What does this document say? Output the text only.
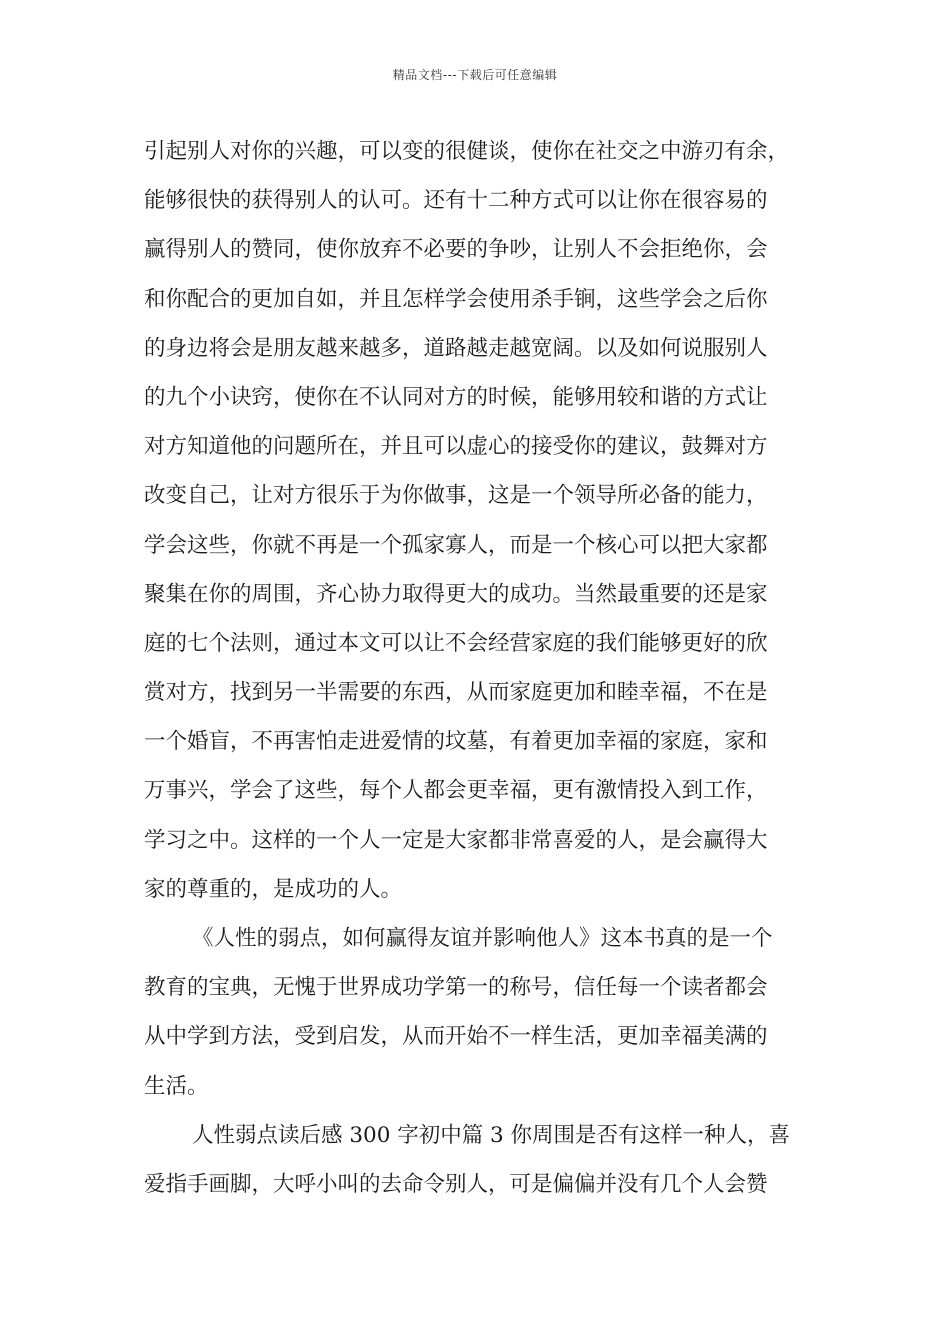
精品文档---下载后可任意编辑
引起别人对你的兴趣，可以变的很健谈，使你在社交之中游刃有余，
能够很快的获得别人的认可。还有十二种方式可以让你在很容易的
赢得别人的赞同，使你放弃不必要的争吵，让别人不会拒绝你，会
和你配合的更加自如，并且怎样学会使用杀手锏，这些学会之后你
的身边将会是朋友越来越多，道路越走越宽阔。以及如何说服别人
的九个小诀窍，使你在不认同对方的时候，能够用较和谐的方式让
对方知道他的问题所在，并且可以虚心的接受你的建议，鼓舞对方
改变自己，让对方很乐于为你做事，这是一个领导所必备的能力，
学会这些，你就不再是一个孤家寡人，而是一个核心可以把大家都
聚集在你的周围，齐心协力取得更大的成功。当然最重要的还是家
庭的七个法则，通过本文可以让不会经营家庭的我们能够更好的欣
赏对方，找到另一半需要的东西，从而家庭更加和睦幸福，不在是
一个婚盲，不再害怕走进爱情的坟墓，有着更加幸福的家庭，家和
万事兴，学会了这些，每个人都会更幸福，更有激情投入到工作，
学习之中。这样的一个人一定是大家都非常喜爱的人，是会赢得大
家的尊重的，是成功的人。
《人性的弱点，如何赢得友谊并影响他人》这本书真的是一个
教育的宝典，无愧于世界成功学第一的称号，信任每一个读者都会
从中学到方法，受到启发，从而开始不一样生活，更加幸福美满的
生活。
人性弱点读后感 300 字初中篇 3 你周围是否有这样一种人，喜
爱指手画脚，大呼小叫的去命令别人，可是偏偏并没有几个人会赞
